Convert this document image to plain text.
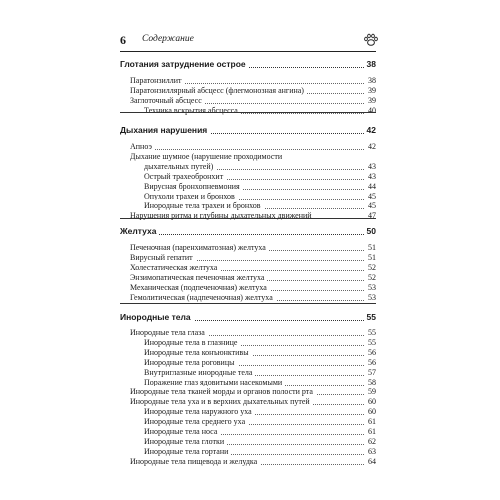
6 Содержание
Глотания затруднение острое	38
Паратонзиллит	38
Паратонзиллярный абсцесс (флегмонозная ангина)	39
Заглоточный абсцесс	39
Техника вскрытия абсцесса	40
Дыхания нарушения	42
Апноэ	42
Дыхание шумное (нарушение проходимости
дыхательных путей)	43
Острый трахеобронхит	43
Вирусная бронхопневмония	44
Опухоли трахеи и бронхов	45
Инородные тела трахеи и бронхов	45
Нарушения ритма и глубины дыхательных движений	47
Желтуха	50
Печеночная (паренхиматозная) желтуха	51
Вирусный гепатит	51
Холестатическая желтуха	52
Энзимопатическая печеночная желтуха	52
Механическая (подпеченочная) желтуха	53
Гемолитическая (надпеченочная) желтуха	53
Инородные тела	55
Инородные тела глаза	55
Инородные тела в глазнице	55
Инородные тела конъюнктивы	56
Инородные тела роговицы	56
Внутриглазные инородные тела	57
Поражение глаз ядовитыми насекомыми	58
Инородные тела тканей морды и органов полости рта	59
Инородные тела уха и в верхних дыхательных путей	60
Инородные тела наружного уха	60
Инородные тела среднего уха	61
Инородные тела носа	61
Инородные тела глотки	62
Инородные тела гортани	63
Инородные тела пищевода и желудка	64
